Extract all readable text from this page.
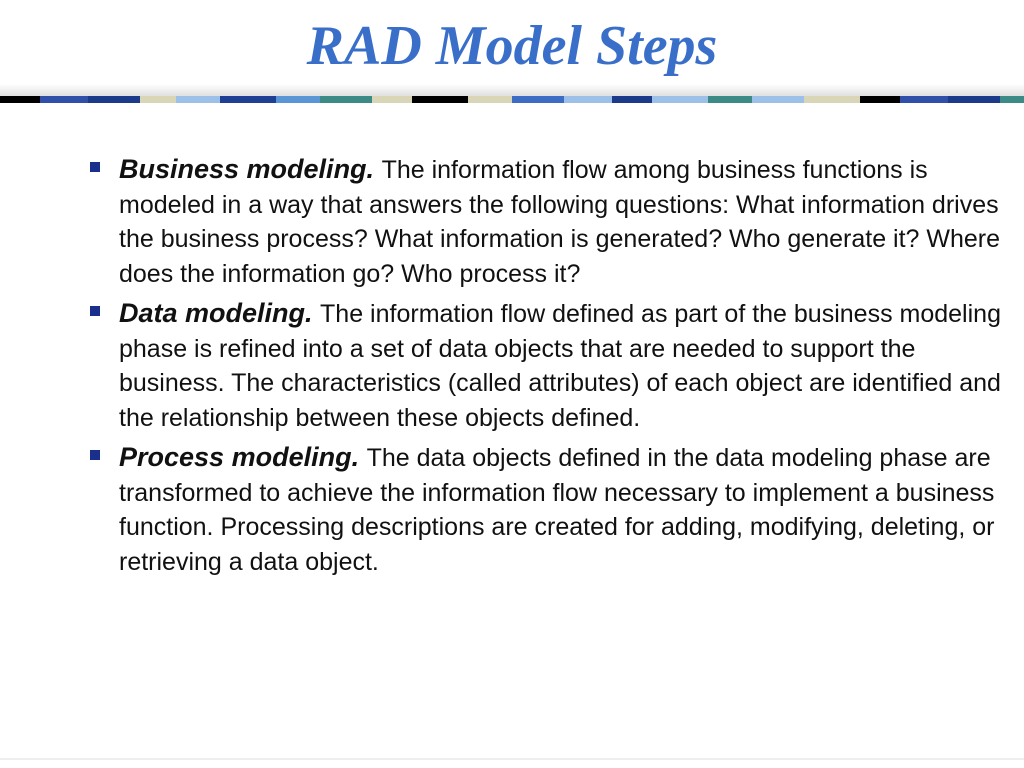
RAD Model Steps
Business modeling. The information flow among business functions is modeled in a way that answers the following questions: What information drives the business process? What information is generated? Who generate it? Where does the information go? Who process it?
Data modeling. The information flow defined as part of the business modeling phase is refined into a set of data objects that are needed to support the business. The characteristics (called attributes) of each object are identified and the relationship between these objects defined.
Process modeling. The data objects defined in the data modeling phase are transformed to achieve the information flow necessary to implement a business function. Processing descriptions are created for adding, modifying, deleting, or retrieving a data object.
